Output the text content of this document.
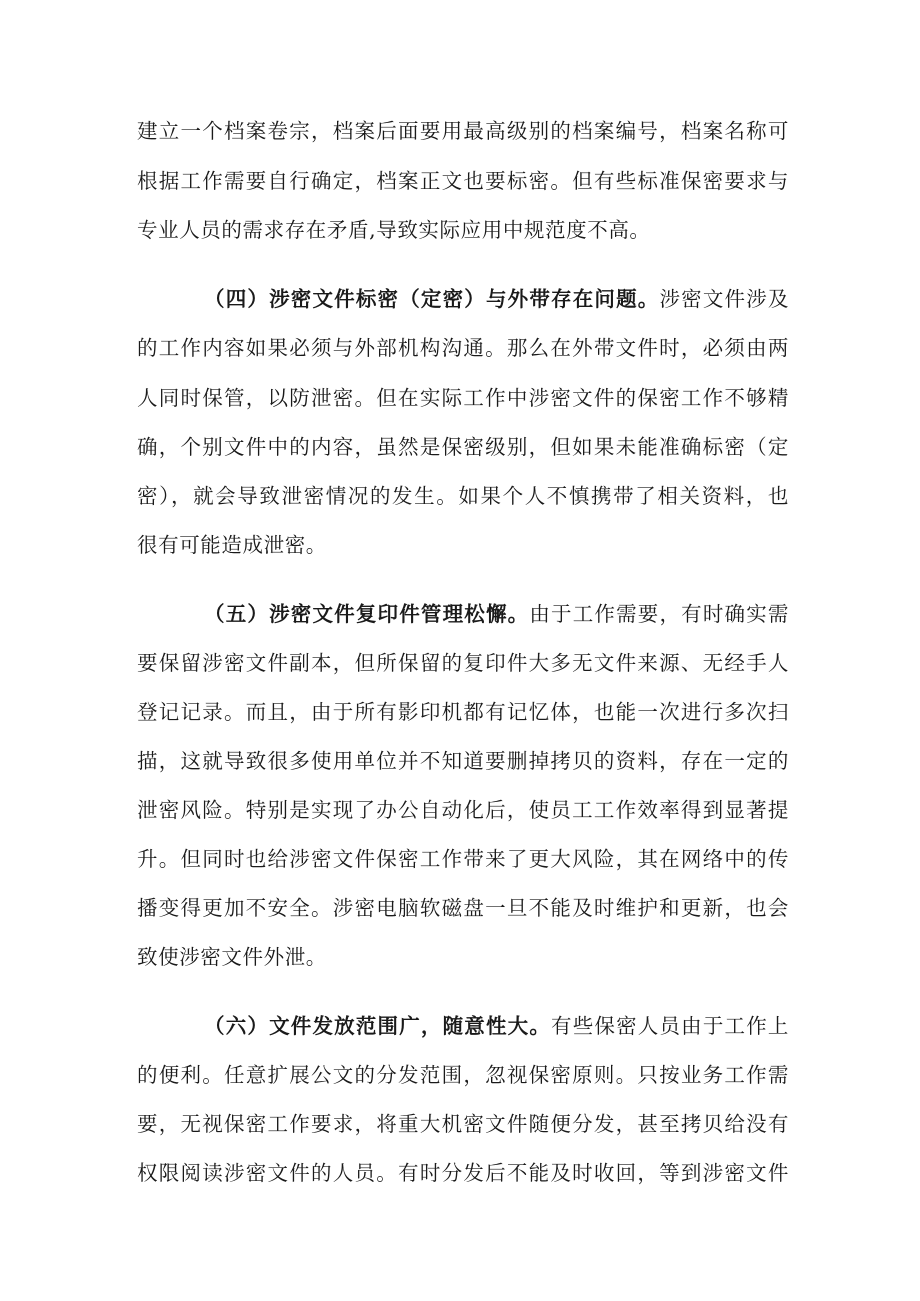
建立一个档案卷宗，档案后面要用最高级别的档案编号，档案名称可
根据工作需要自行确定，档案正文也要标密。但有些标准保密要求与
专业人员的需求存在矛盾,导致实际应用中规范度不高。
（四）涉密文件标密（定密）与外带存在问题。涉密文件涉及
的工作内容如果必须与外部机构沟通。那么在外带文件时，必须由两
人同时保管，以防泄密。但在实际工作中涉密文件的保密工作不够精
确，个别文件中的内容，虽然是保密级别，但如果未能准确标密（定
密），就会导致泄密情况的发生。如果个人不慎携带了相关资料，也
很有可能造成泄密。
（五）涉密文件复印件管理松懈。由于工作需要，有时确实需
要保留涉密文件副本，但所保留的复印件大多无文件来源、无经手人
登记记录。而且，由于所有影印机都有记忆体，也能一次进行多次扫
描，这就导致很多使用单位并不知道要删掉拷贝的资料，存在一定的
泄密风险。特别是实现了办公自动化后，使员工工作效率得到显著提
升。但同时也给涉密文件保密工作带来了更大风险，其在网络中的传
播变得更加不安全。涉密电脑软磁盘一旦不能及时维护和更新，也会
致使涉密文件外泄。
（六）文件发放范围广，随意性大。有些保密人员由于工作上
的便利。任意扩展公文的分发范围，忽视保密原则。只按业务工作需
要，无视保密工作要求，将重大机密文件随便分发，甚至拷贝给没有
权限阅读涉密文件的人员。有时分发后不能及时收回，等到涉密文件
